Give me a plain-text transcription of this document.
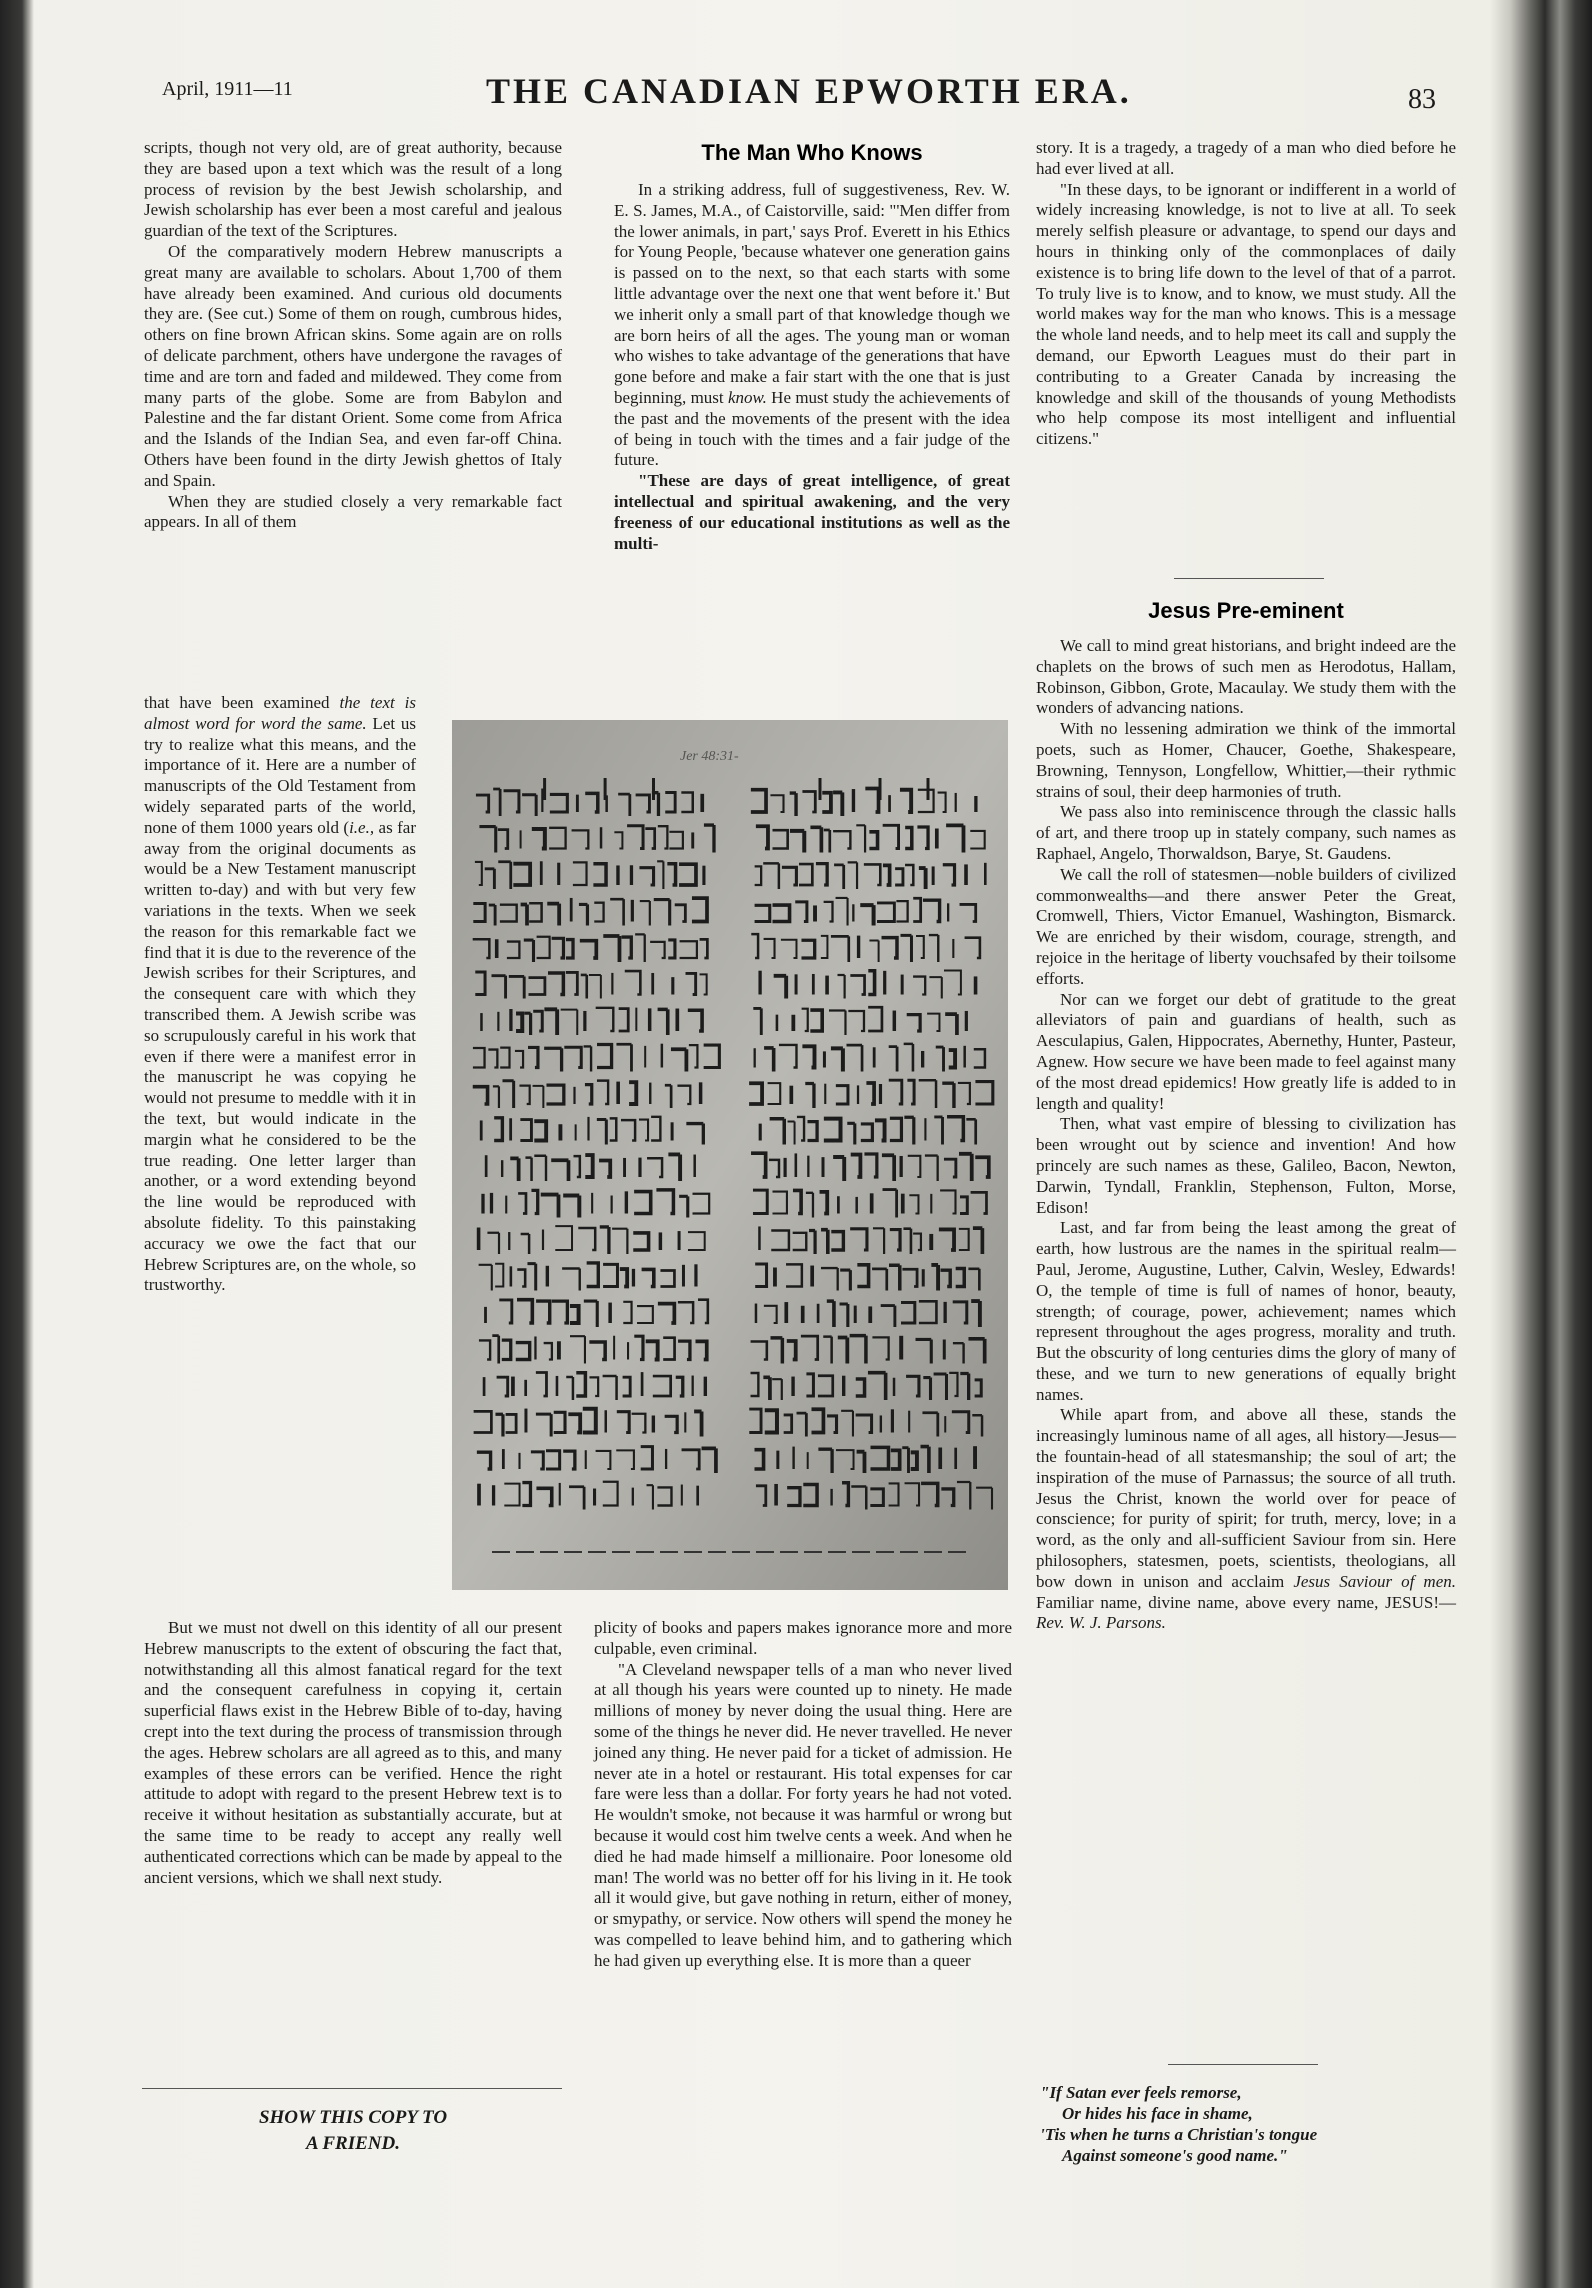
April, 1911—11	THE CANADIAN EPWORTH ERA.	83

scripts, though not very old, are of great authority, because they are based upon a text which was the result of a long process of revision by the best Jewish scholarship, and Jewish scholarship has ever been a most careful and jealous guardian of the text of the Scriptures.

Of the comparatively modern Hebrew manuscripts a great many are available to scholars. About 1,700 of them have already been examined. And curious old documents they are. (See cut.) Some of them on rough, cumbrous hides, others on fine brown African skins. Some again are on rolls of delicate parchment, others have undergone the ravages of time and are torn and faded and mildewed. They come from many parts of the globe. Some are from Babylon and Palestine and the far distant Orient. Some come from Africa and the Islands of the Indian Sea, and even far-off China. Others have been found in the dirty Jewish ghettos of Italy and Spain.

When they are studied closely a very remarkable fact appears. In all of them

that have been examined the text is almost word for word the same. Let us try to realize what this means, and the importance of it. Here are a number of manuscripts of the Old Testament from widely separated parts of the world, none of them 1000 years old (i.e., as far away from the original documents as would be a New Testament manuscript written to-day) and with but very few variations in the texts. When we seek the reason for this remarkable fact we find that it is due to the reverence of the Jewish scribes for their Scriptures, and the consequent care with which they transcribed them. A Jewish scribe was so scrupulously careful in his work that even if there were a manifest error in the manuscript he was copying he would not presume to meddle with it in the text, but would indicate in the margin what he considered to be the true reading. One letter larger than another, or a word extending beyond the line would be reproduced with absolute fidelity. To this painstaking accuracy we owe the fact that our Hebrew Scriptures are, on the whole, so trustworthy.

But we must not dwell on this identity of all our present Hebrew manuscripts to the extent of obscuring the fact that, notwithstanding all this almost fanatical regard for the text and the consequent carefulness in copying it, certain superficial flaws exist in the Hebrew Bible of to-day, having crept into the text during the process of transmission through the ages. Hebrew scholars are all agreed as to this, and many examples of these errors can be verified. Hence the right attitude to adopt with regard to the present Hebrew text is to receive it without hesitation as substantially accurate, but at the same time to be ready to accept any really well authenticated corrections which can be made by appeal to the ancient versions, which we shall next study.

SHOW THIS COPY TO
A FRIEND.
The Man Who Knows

In a striking address, full of suggestiveness, Rev. W. E. S. James, M.A., of Caistorville, said: "'Men differ from the lower animals, in part,' says Prof. Everett in his Ethics for Young People, 'because whatever one generation gains is passed on to the next, so that each starts with some little advantage over the next one that went before it.' But we inherit only a small part of that knowledge though we are born heirs of all the ages. The young man or woman who wishes to take advantage of the generations that have gone before and make a fair start with the one that is just beginning, must know. He must study the achievements of the past and the movements of the present with the idea of being in touch with the times and a fair judge of the future.

"These are days of great intelligence, of great intellectual and spiritual awakening, and the very freeness of our educational institutions as well as the multi-

Jer 48:31-

plicity of books and papers makes ignorance more and more culpable, even criminal.

"A Cleveland newspaper tells of a man who never lived at all though his years were counted up to ninety. He made millions of money by never doing the usual thing. Here are some of the things he never did. He never travelled. He never joined any thing. He never paid for a ticket of admission. He never ate in a hotel or restaurant. His total expenses for car fare were less than a dollar. For forty years he had not voted. He wouldn't smoke, not because it was harmful or wrong but because it would cost him twelve cents a week. And when he died he had made himself a millionaire. Poor lonesome old man! The world was no better off for his living in it. He took all it would give, but gave nothing in return, either of money, or smypathy, or service. Now others will spend the money he was compelled to leave behind him, and to gathering which he had given up everything else. It is more than a queer

story. It is a tragedy, a tragedy of a man who died before he had ever lived at all.

"In these days, to be ignorant or indifferent in a world of widely increasing knowledge, is not to live at all. To seek merely selfish pleasure or advantage, to spend our days and hours in thinking only of the commonplaces of daily existence is to bring life down to the level of that of a parrot. To truly live is to know, and to know, we must study. All the world makes way for the man who knows. This is a message the whole land needs, and to help meet its call and supply the demand, our Epworth Leagues must do their part in contributing to a Greater Canada by increasing the knowledge and skill of the thousands of young Methodists who help compose its most intelligent and influential citizens."

Jesus Pre-eminent

We call to mind great historians, and bright indeed are the chaplets on the brows of such men as Herodotus, Hallam, Robinson, Gibbon, Grote, Macaulay. We study them with the wonders of advancing nations.

With no lessening admiration we think of the immortal poets, such as Homer, Chaucer, Goethe, Shakespeare, Browning, Tennyson, Longfellow, Whittier,—their rythmic strains of soul, their deep harmonies of truth.

We pass also into reminiscence through the classic halls of art, and there troop up in stately company, such names as Raphael, Angelo, Thorwaldson, Barye, St. Gaudens.

We call the roll of statesmen—noble builders of civilized commonwealths—and there answer Peter the Great, Cromwell, Thiers, Victor Emanuel, Washington, Bismarck. We are enriched by their wisdom, courage, strength, and rejoice in the heritage of liberty vouchsafed by their toilsome efforts.

Nor can we forget our debt of gratitude to the great alleviators of pain and guardians of health, such as Aesculapius, Galen, Hippocrates, Abernethy, Hunter, Pasteur, Agnew. How secure we have been made to feel against many of the most dread epidemics! How greatly life is added to in length and quality!

Then, what vast empire of blessing to civilization has been wrought out by science and invention! And how princely are such names as these, Galileo, Bacon, Newton, Darwin, Tyndall, Franklin, Stephenson, Fulton, Morse, Edison!

Last, and far from being the least among the great of earth, how lustrous are the names in the spiritual realm—Paul, Jerome, Augustine, Luther, Calvin, Wesley, Edwards! O, the temple of time is full of names of honor, beauty, strength; of courage, power, achievement; names which represent throughout the ages progress, morality and truth. But the obscurity of long centuries dims the glory of many of these, and we turn to new generations of equally bright names.

While apart from, and above all these, stands the increasingly luminous name of all ages, all history—Jesus—the fountain-head of all statesmanship; the soul of art; the inspiration of the muse of Parnassus; the source of all truth. Jesus the Christ, known the world over for peace of conscience; for purity of spirit; for truth, mercy, love; in a word, as the only and all-sufficient Saviour from sin. Here philosophers, statesmen, poets, scientists, theologians, all bow down in unison and acclaim Jesus Saviour of men. Familiar name, divine name, above every name, JESUS!—Rev. W. J. Parsons.

"If Satan ever feels remorse,
Or hides his face in shame,
'Tis when he turns a Christian's tongue
Against someone's good name."
